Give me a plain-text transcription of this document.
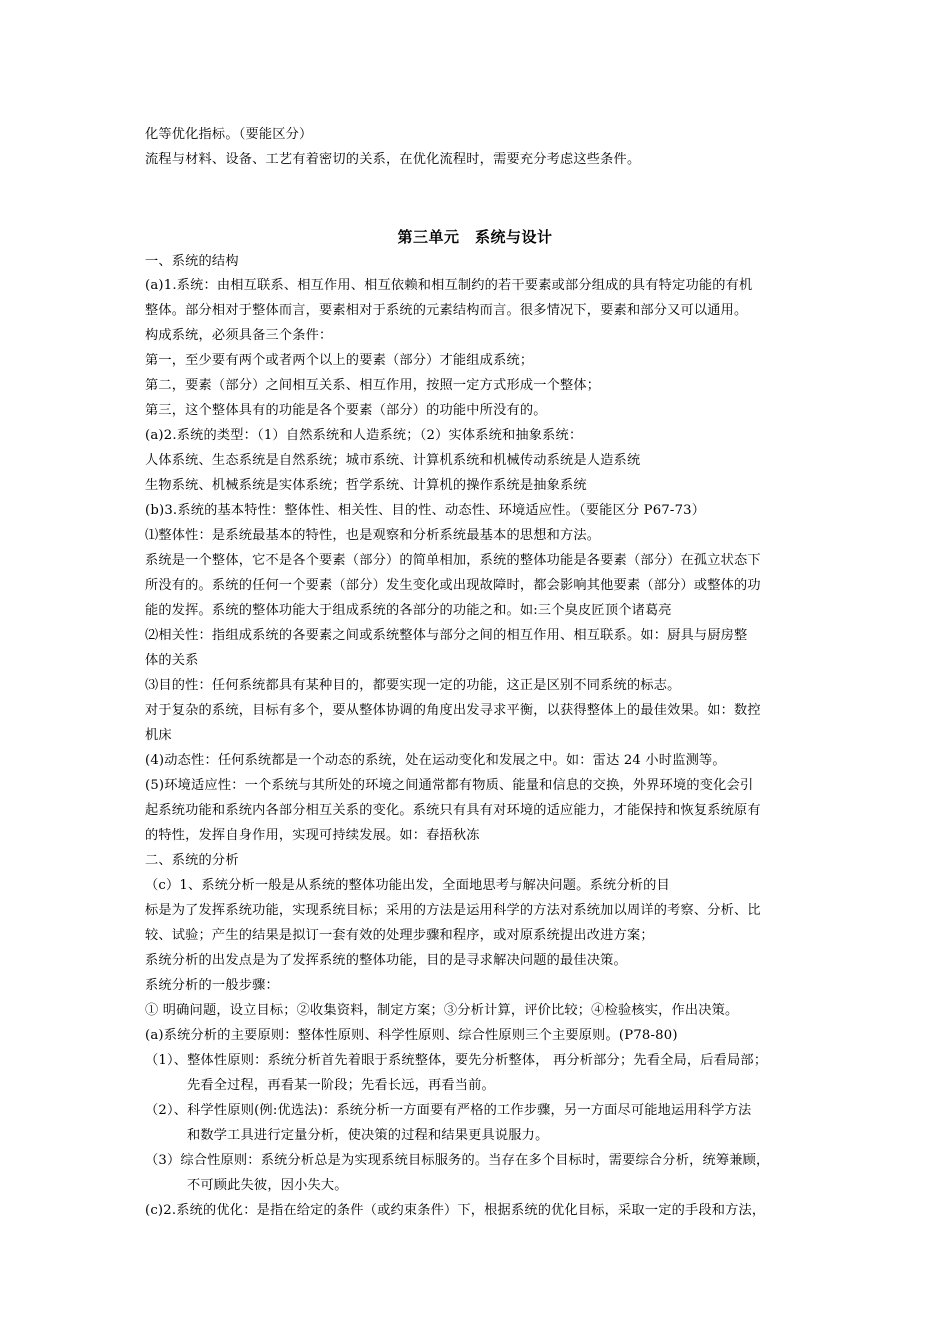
化等优化指标。（要能区分）
流程与材料、设备、工艺有着密切的关系，在优化流程时，需要充分考虑这些条件。
第三单元　系统与设计
一、系统的结构
(a)1.系统：由相互联系、相互作用、相互依赖和相互制约的若干要素或部分组成的具有特定功能的有机
整体。部分相对于整体而言，要素相对于系统的元素结构而言。很多情况下，要素和部分又可以通用。
构成系统，必须具备三个条件：
第一，至少要有两个或者两个以上的要素（部分）才能组成系统；
第二，要素（部分）之间相互关系、相互作用，按照一定方式形成一个整体；
第三，这个整体具有的功能是各个要素（部分）的功能中所没有的。
(a)2.系统的类型：（1）自然系统和人造系统；（2）实体系统和抽象系统：
人体系统、生态系统是自然系统；城市系统、计算机系统和机械传动系统是人造系统
生物系统、机械系统是实体系统；哲学系统、计算机的操作系统是抽象系统
(b)3.系统的基本特性：整体性、相关性、目的性、动态性、环境适应性。（要能区分 P67-73）
⑴整体性：是系统最基本的特性，也是观察和分析系统最基本的思想和方法。
系统是一个整体，它不是各个要素（部分）的简单相加，系统的整体功能是各要素（部分）在孤立状态下
所没有的。系统的任何一个要素（部分）发生变化或出现故障时，都会影响其他要素（部分）或整体的功
能的发挥。系统的整体功能大于组成系统的各部分的功能之和。如:三个臭皮匠顶个诸葛亮
⑵相关性：指组成系统的各要素之间或系统整体与部分之间的相互作用、相互联系。如：厨具与厨房整
体的关系
⑶目的性：任何系统都具有某种目的，都要实现一定的功能，这正是区别不同系统的标志。
对于复杂的系统，目标有多个，要从整体协调的角度出发寻求平衡，以获得整体上的最佳效果。如：数控
机床
(4)动态性：任何系统都是一个动态的系统，处在运动变化和发展之中。如：雷达 24 小时监测等。
(5)环境适应性：一个系统与其所处的环境之间通常都有物质、能量和信息的交换，外界环境的变化会引
起系统功能和系统内各部分相互关系的变化。系统只有具有对环境的适应能力，才能保持和恢复系统原有
的特性，发挥自身作用，实现可持续发展。如：春捂秋冻
二、系统的分析
（c）1、系统分析一般是从系统的整体功能出发，全面地思考与解决问题。系统分析的目
标是为了发挥系统功能，实现系统目标；采用的方法是运用科学的方法对系统加以周详的考察、分析、比
较、试验；产生的结果是拟订一套有效的处理步骤和程序，或对原系统提出改进方案；
系统分析的出发点是为了发挥系统的整体功能，目的是寻求解决问题的最佳决策。
系统分析的一般步骤：
① 明确问题，设立目标；②收集资料，制定方案；③分析计算，评价比较；④检验核实，作出决策。
(a)系统分析的主要原则：整体性原则、科学性原则、综合性原则三个主要原则。(P78-80)
（1）、整体性原则：系统分析首先着眼于系统整体，要先分析整体， 再分析部分；先看全局，后看局部；
先看全过程，再看某一阶段；先看长远，再看当前。
（2）、科学性原则(例:优选法)：系统分析一方面要有严格的工作步骤，另一方面尽可能地运用科学方法
和数学工具进行定量分析，使决策的过程和结果更具说服力。
（3）综合性原则：系统分析总是为实现系统目标服务的。当存在多个目标时，需要综合分析，统筹兼顾，
不可顾此失彼，因小失大。
(c)2.系统的优化：是指在给定的条件（或约束条件）下，根据系统的优化目标，采取一定的手段和方法，
